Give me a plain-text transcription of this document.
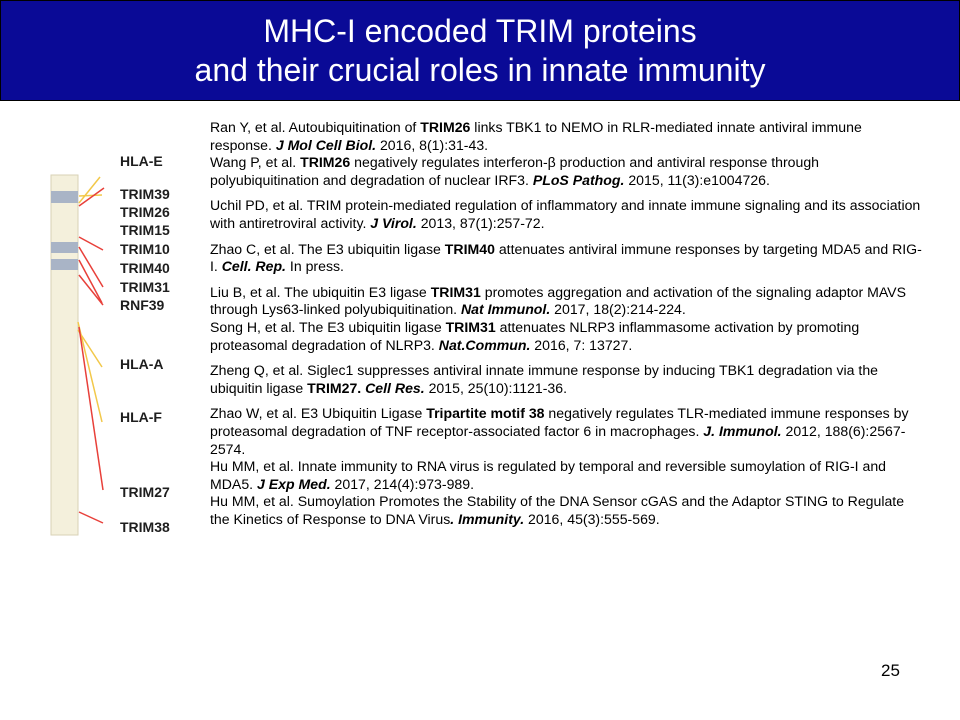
MHC-I encoded TRIM proteins
and their crucial roles in innate immunity
HLA-E
TRIM39
TRIM26
TRIM15
TRIM10
TRIM40
TRIM31
RNF39
HLA-A
HLA-F
TRIM27
TRIM38
Ran Y, et al. Autoubiquitination of TRIM26 links TBK1 to NEMO in RLR-mediated innate antiviral immune response. J Mol Cell Biol. 2016, 8(1):31-43.
Wang P, et al. TRIM26 negatively regulates interferon-β production and antiviral response through polyubiquitination and degradation of nuclear IRF3. PLoS Pathog. 2015, 11(3):e1004726.
Uchil PD, et al. TRIM protein-mediated regulation of inflammatory and innate immune signaling and its association with antiretroviral activity. J Virol. 2013, 87(1):257-72.
Zhao C, et al. The E3 ubiquitin ligase TRIM40 attenuates antiviral immune responses by targeting MDA5 and RIG-I. Cell. Rep. In press.
Liu B, et al. The ubiquitin E3 ligase TRIM31 promotes aggregation and activation of the signaling adaptor MAVS through Lys63-linked polyubiquitination. Nat Immunol. 2017, 18(2):214-224.
Song H, et al. The E3 ubiquitin ligase TRIM31 attenuates NLRP3 inflammasome activation by promoting proteasomal degradation of NLRP3. Nat.Commun. 2016, 7: 13727.
Zheng Q, et al. Siglec1 suppresses antiviral innate immune response by inducing TBK1 degradation via the ubiquitin ligase TRIM27. Cell Res. 2015, 25(10):1121-36.
Zhao W, et al. E3 Ubiquitin Ligase Tripartite motif 38 negatively regulates TLR-mediated immune responses by proteasomal degradation of TNF receptor-associated factor 6 in macrophages. J. Immunol. 2012, 188(6):2567-2574.
Hu MM, et al. Innate immunity to RNA virus is regulated by temporal and reversible sumoylation of RIG-I and MDA5. J Exp Med. 2017, 214(4):973-989.
Hu MM, et al. Sumoylation Promotes the Stability of the DNA Sensor cGAS and the Adaptor STING to Regulate the Kinetics of Response to DNA Virus. Immunity. 2016, 45(3):555-569.
25
